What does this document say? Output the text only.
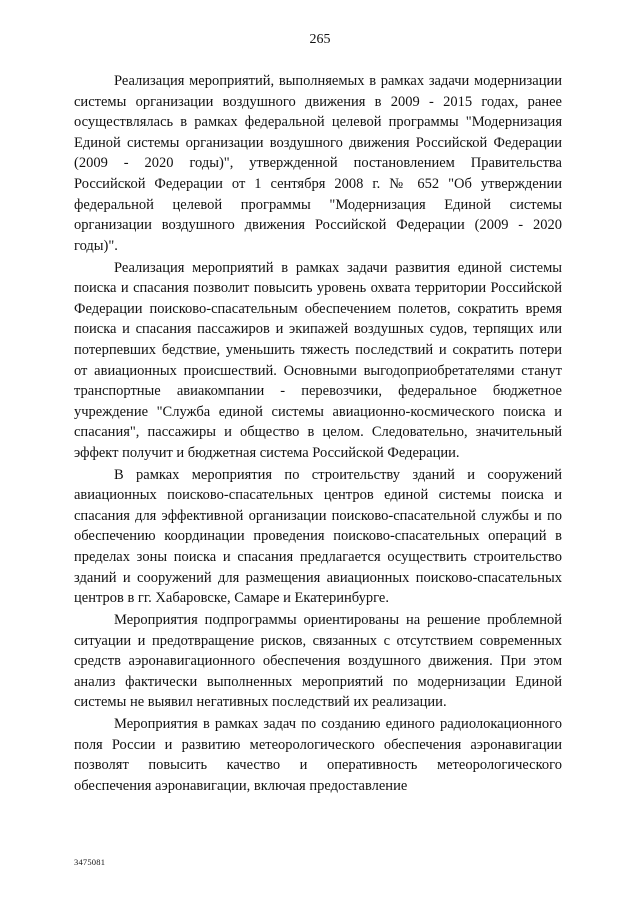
265

Реализация мероприятий, выполняемых в рамках задачи модернизации системы организации воздушного движения в 2009 - 2015 годах, ранее осуществлялась в рамках федеральной целевой программы "Модернизация Единой системы организации воздушного движения Российской Федерации (2009 - 2020 годы)", утвержденной постановлением Правительства Российской Федерации от 1 сентября 2008 г. № 652 "Об утверждении федеральной целевой программы "Модернизация Единой системы организации воздушного движения Российской Федерации (2009 - 2020 годы)".

Реализация мероприятий в рамках задачи развития единой системы поиска и спасания позволит повысить уровень охвата территории Российской Федерации поисково-спасательным обеспечением полетов, сократить время поиска и спасания пассажиров и экипажей воздушных судов, терпящих или потерпевших бедствие, уменьшить тяжесть последствий и сократить потери от авиационных происшествий. Основными выгодоприобретателями станут транспортные авиакомпании - перевозчики, федеральное бюджетное учреждение "Служба единой системы авиационно-космического поиска и спасания", пассажиры и общество в целом. Следовательно, значительный эффект получит и бюджетная система Российской Федерации.

В рамках мероприятия по строительству зданий и сооружений авиационных поисково-спасательных центров единой системы поиска и спасания для эффективной организации поисково-спасательной службы и по обеспечению координации проведения поисково-спасательных операций в пределах зоны поиска и спасания предлагается осуществить строительство зданий и сооружений для размещения авиационных поисково-спасательных центров в гг. Хабаровске, Самаре и Екатеринбурге.

Мероприятия подпрограммы ориентированы на решение проблемной ситуации и предотвращение рисков, связанных с отсутствием современных средств аэронавигационного обеспечения воздушного движения. При этом анализ фактически выполненных мероприятий по модернизации Единой системы не выявил негативных последствий их реализации.

Мероприятия в рамках задач по созданию единого радиолокационного поля России и развитию метеорологического обеспечения аэронавигации позволят повысить качество и оперативность метеорологического обеспечения аэронавигации, включая предоставление

3475081
